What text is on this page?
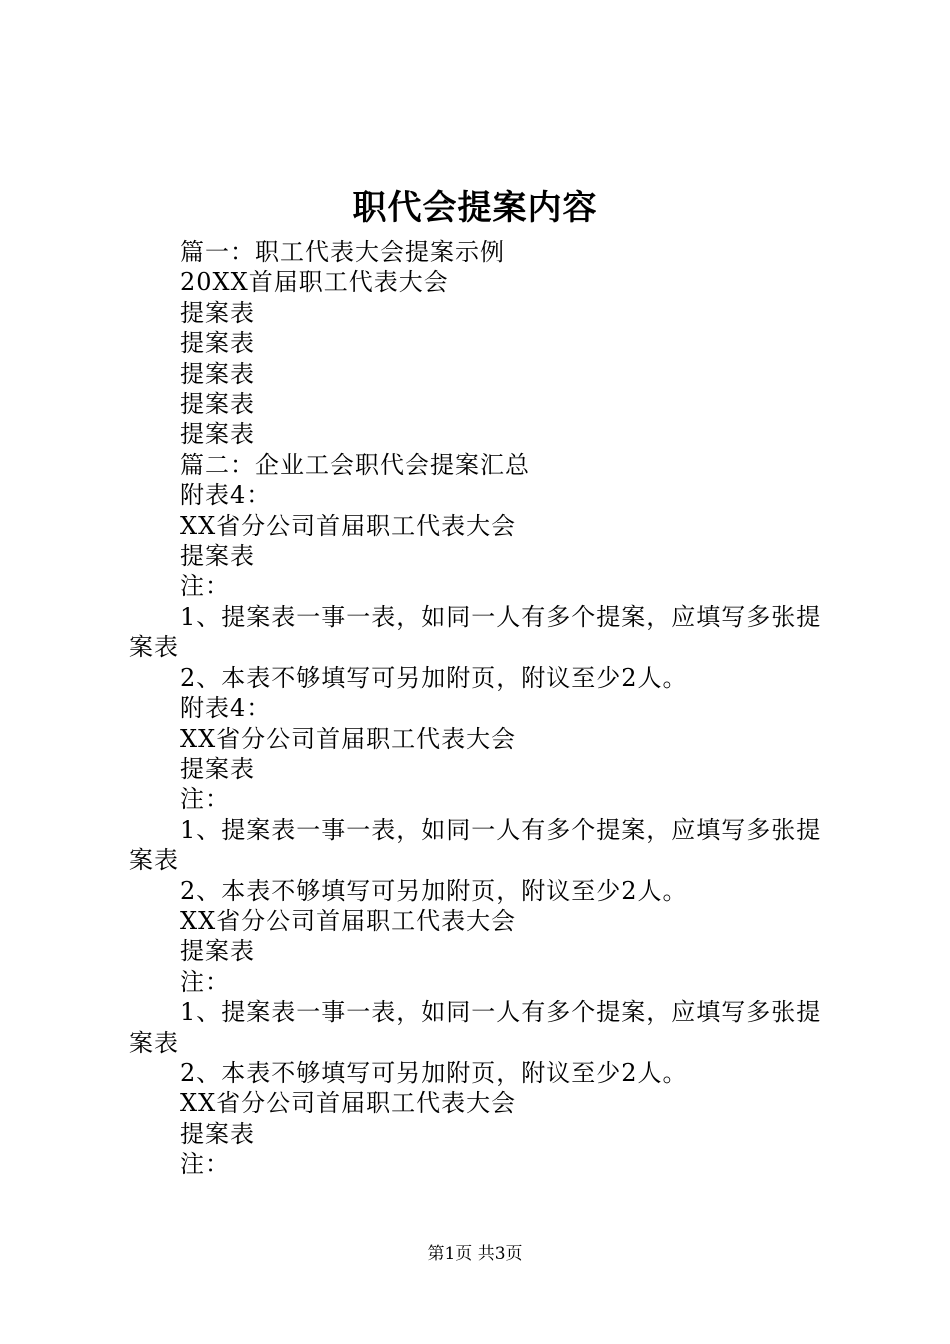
职代会提案内容

篇一：职工代表大会提案示例

20XX首届职工代表大会

提案表

提案表

提案表

提案表

提案表

篇二：企业工会职代会提案汇总

附表4：

XX省分公司首届职工代表大会

提案表

注：

1、提案表一事一表，如同一人有多个提案，应填写多张提案表

2、本表不够填写可另加附页，附议至少2人。

附表4：

XX省分公司首届职工代表大会

提案表

注：

1、提案表一事一表，如同一人有多个提案，应填写多张提案表

2、本表不够填写可另加附页，附议至少2人。

XX省分公司首届职工代表大会

提案表

注：

1、提案表一事一表，如同一人有多个提案，应填写多张提案表

2、本表不够填写可另加附页，附议至少2人。

XX省分公司首届职工代表大会

提案表

注：

第1页 共3页
